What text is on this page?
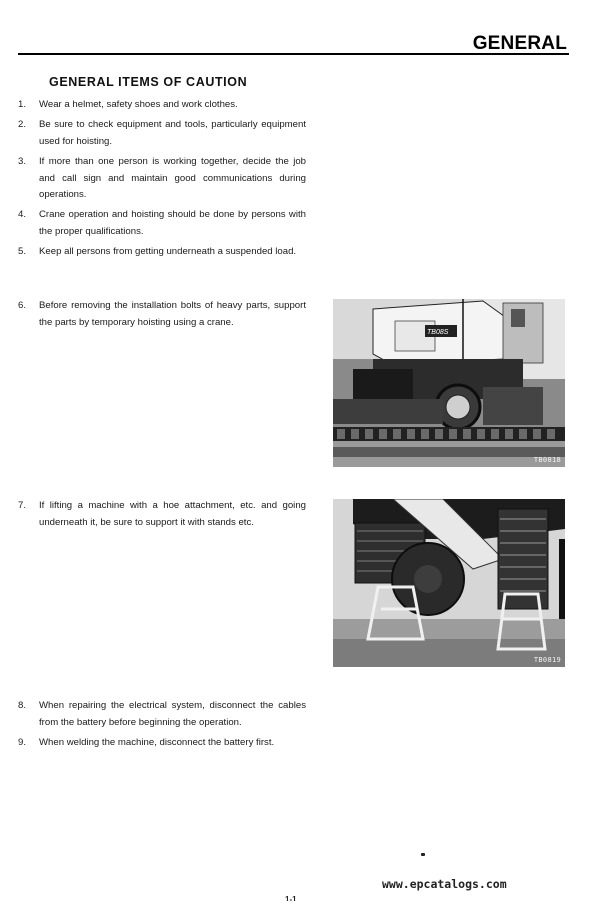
GENERAL
GENERAL ITEMS OF CAUTION
1.	Wear a helmet, safety shoes and work clothes.
2.	Be sure to check equipment and tools, particularly equipment used for hoisting.
3.	If more than one person is working together, decide the job and call sign and maintain good communications during operations.
4.	Crane operation and hoisting should be done by persons with the proper qualifications.
5.	Keep all persons from getting underneath a suspended load.
6.	Before removing the installation bolts of heavy parts, support the parts by temporary hoisting using a crane.
7.	If lifting a machine with a hoe attachment, etc. and going underneath it, be sure to support it with stands etc.
8.	When repairing the electrical system, disconnect the cables from the battery before beginning the operation.
9.	When welding the machine, disconnect the battery first.
TB08S
TB0818
TB0819
www.epcatalogs.com
1-1
